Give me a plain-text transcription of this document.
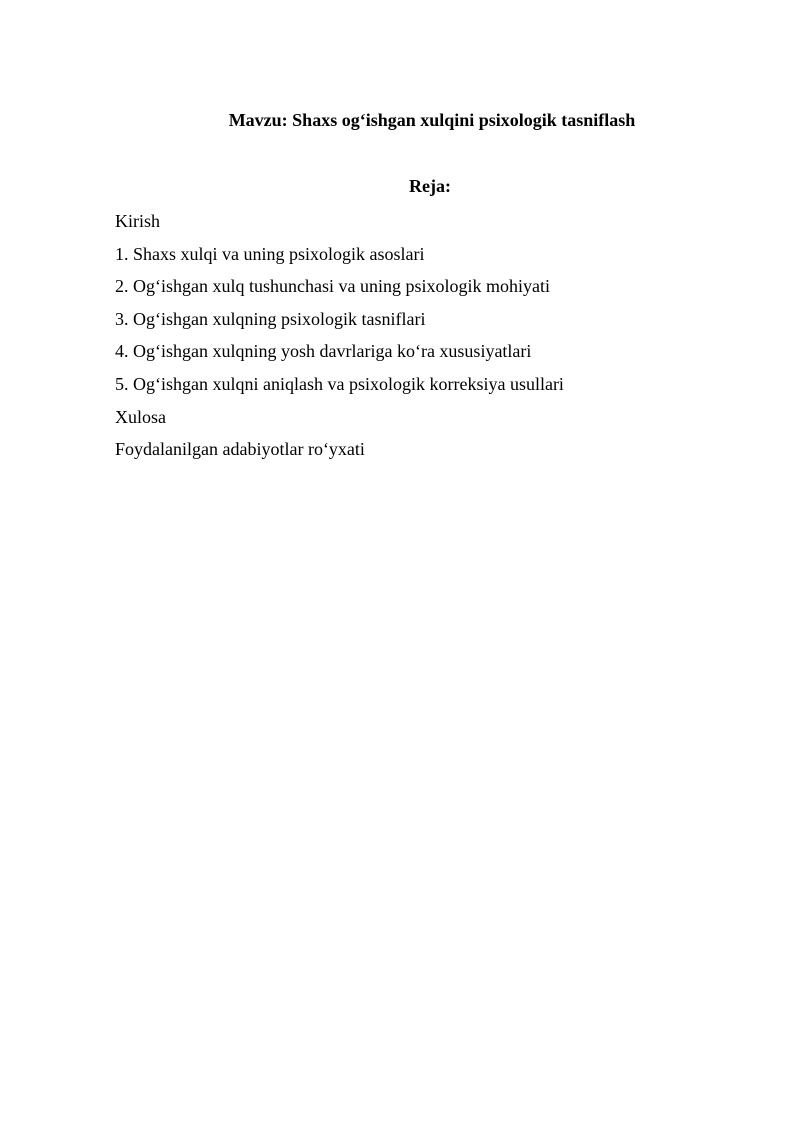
Mavzu: Shaxs og‘ishgan xulqini psixologik tasniflash
Reja:
Kirish
1. Shaxs xulqi va uning psixologik asoslari
2. Og‘ishgan xulq tushunchasi va uning psixologik mohiyati
3. Og‘ishgan xulqning psixologik tasniflari
4. Og‘ishgan xulqning yosh davrlariga ko‘ra xususiyatlari
5. Og‘ishgan xulqni aniqlash va psixologik korreksiya usullari
Xulosa
Foydalanilgan adabiyotlar ro‘yxati
